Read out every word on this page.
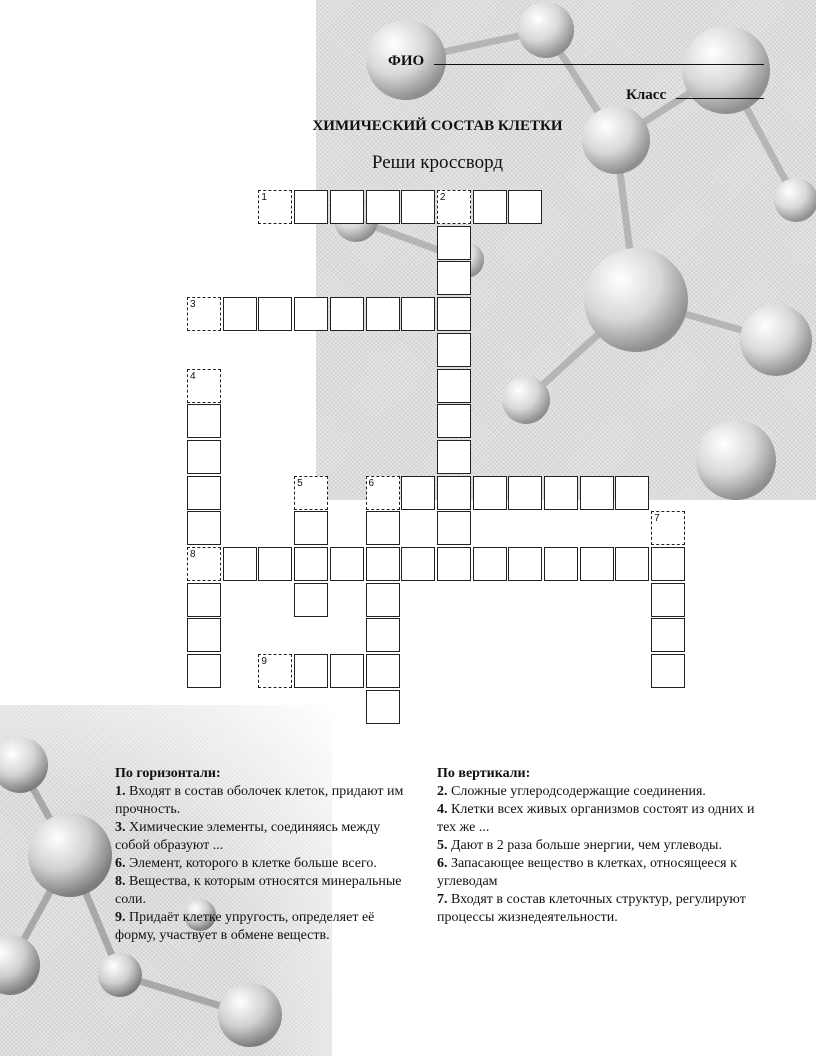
ФИО
Класс
ХИМИЧЕСКИЙ СОСТАВ КЛЕТКИ
Реши кроссворд
1	2
3
4
8
5	6
7
9
По горизонтали:
1. Входят в состав оболочек клеток, придают им прочность.
3. Химические элементы, соединяясь между собой образуют ...
6. Элемент, которого в клетке больше всего.
8. Вещества, к которым относятся минеральные соли.
9. Придаёт клетке упругость, определяет её форму, участвует в обмене веществ.
По вертикали:
2. Сложные углеродсодержащие соединения.
4. Клетки всех живых организмов состоят из одних и тех же ...
5. Дают в 2 раза больше энергии, чем углеводы.
6. Запасающее вещество в клетках, относящееся к углеводам
7. Входят в состав клеточных структур, регулируют процессы жизнедеятельности.
